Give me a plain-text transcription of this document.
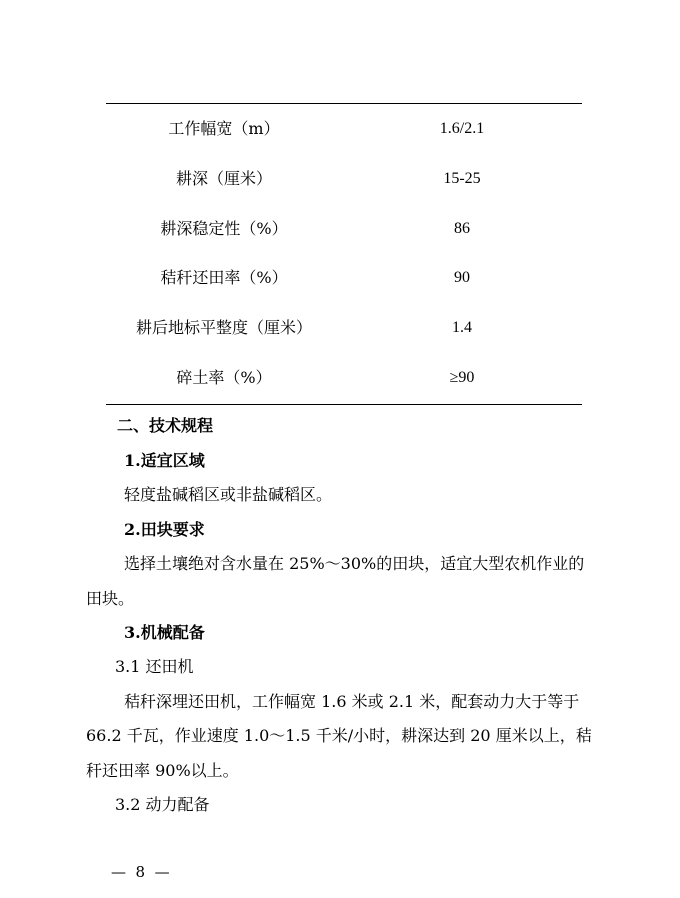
工作幅宽（m）	1.6/2.1
耕深（厘米）	15-25
耕深稳定性（%）	86
秸秆还田率（%）	90
耕后地标平整度（厘米）	1.4
碎土率（%）	≥90
二、技术规程
1.适宜区域
轻度盐碱稻区或非盐碱稻区。
2.田块要求
选择土壤绝对含水量在 25%～30%的田块，适宜大型农机作业的
田块。
3.机械配备
3.1 还田机
秸秆深埋还田机，工作幅宽 1.6 米或 2.1 米，配套动力大于等于
66.2 千瓦，作业速度 1.0～1.5 千米/小时，耕深达到 20 厘米以上，秸
秆还田率 90%以上。
3.2 动力配备
—  8  —
